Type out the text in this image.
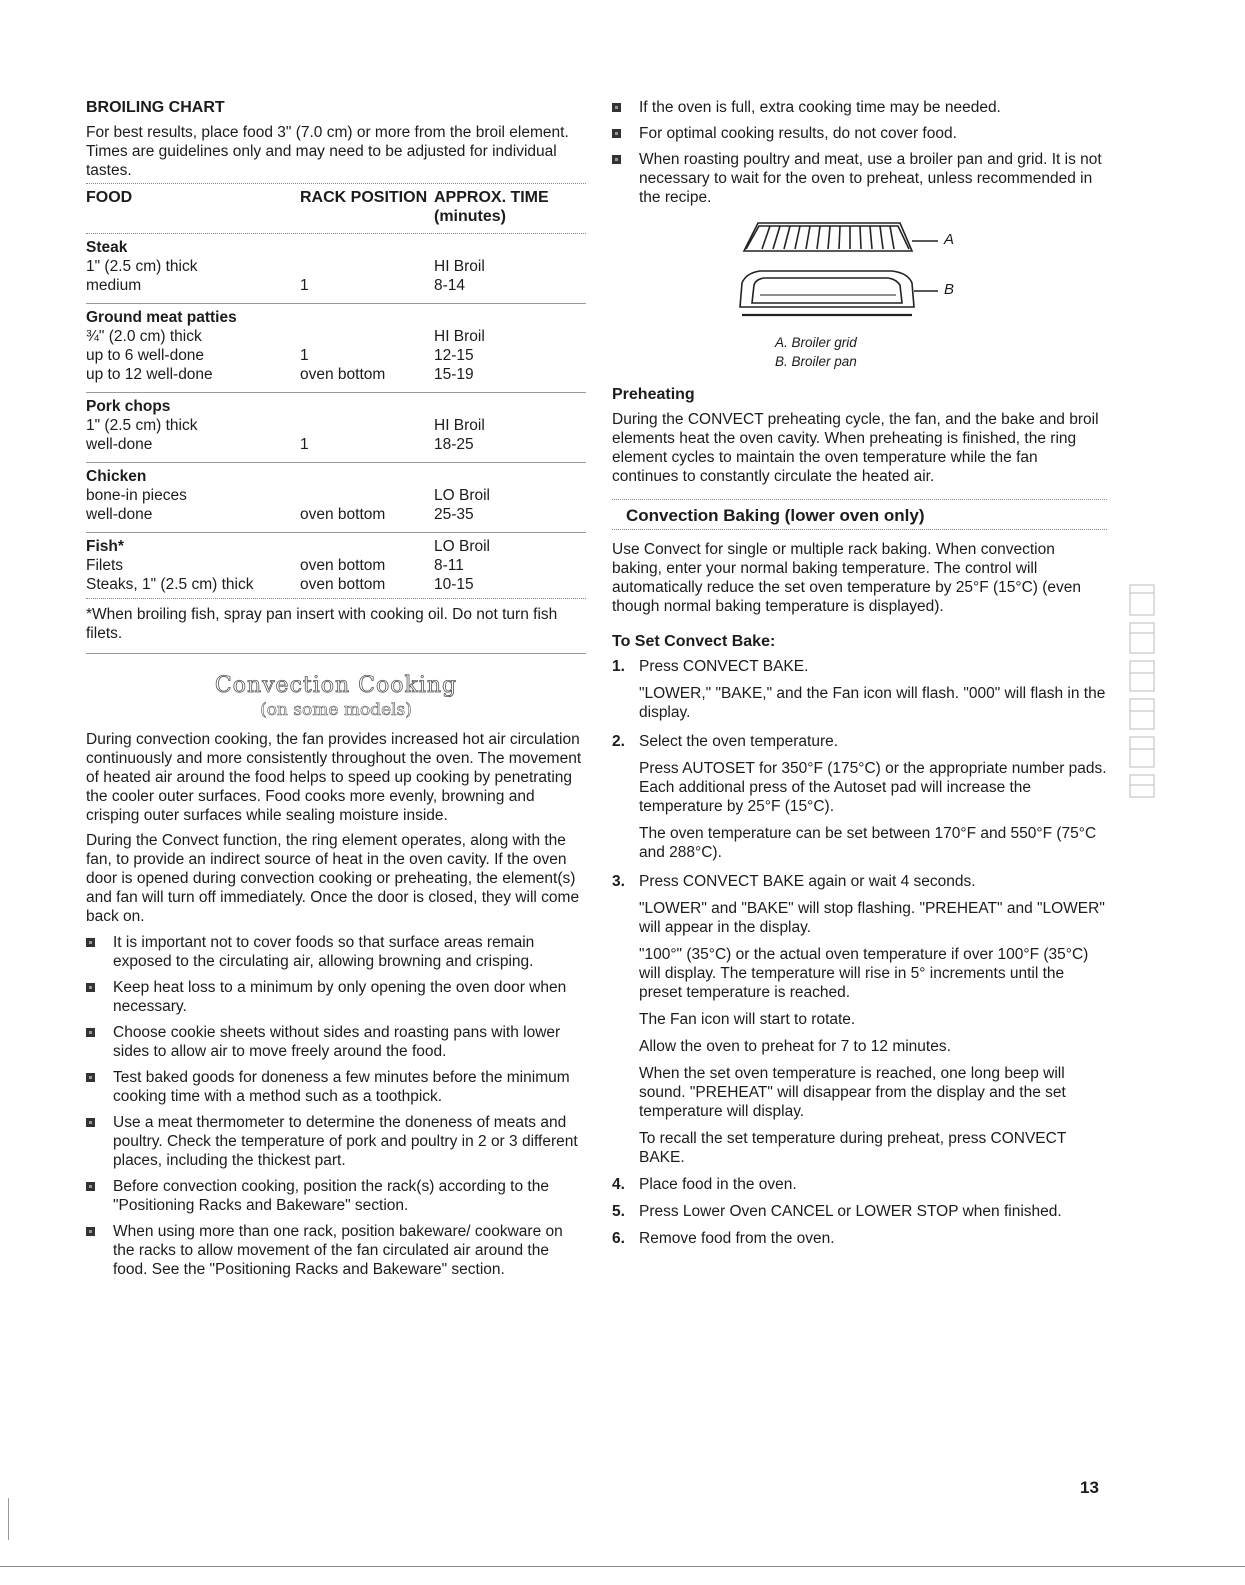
BROILING CHART
For best results, place food 3" (7.0 cm) or more from the broil element. Times are guidelines only and may need to be adjusted for individual tastes.
FOOD	RACK POSITION	APPROX. TIME (minutes)
Steak		
1" (2.5 cm) thick		HI Broil
medium	1	8-14
Ground meat patties		
¾" (2.0 cm) thick		HI Broil
up to 6 well-done	1	12-15
up to 12 well-done	oven bottom	15-19
Pork chops		
1" (2.5 cm) thick		HI Broil
well-done	1	18-25
Chicken		
bone-in pieces		LO Broil
well-done	oven bottom	25-35
Fish*		LO Broil
Filets	oven bottom	8-11
Steaks, 1" (2.5 cm) thick	oven bottom	10-15
*When broiling fish, spray pan insert with cooking oil. Do not turn fish filets.
Convection Cooking
(on some models)
During convection cooking, the fan provides increased hot air circulation continuously and more consistently throughout the oven. The movement of heated air around the food helps to speed up cooking by penetrating the cooler outer surfaces. Food cooks more evenly, browning and crisping outer surfaces while sealing moisture inside.
During the Convect function, the ring element operates, along with the fan, to provide an indirect source of heat in the oven cavity. If the oven door is opened during convection cooking or preheating, the element(s) and fan will turn off immediately. Once the door is closed, they will come back on.
It is important not to cover foods so that surface areas remain exposed to the circulating air, allowing browning and crisping.
Keep heat loss to a minimum by only opening the oven door when necessary.
Choose cookie sheets without sides and roasting pans with lower sides to allow air to move freely around the food.
Test baked goods for doneness a few minutes before the minimum cooking time with a method such as a toothpick.
Use a meat thermometer to determine the doneness of meats and poultry. Check the temperature of pork and poultry in 2 or 3 different places, including the thickest part.
Before convection cooking, position the rack(s) according to the "Positioning Racks and Bakeware" section.
When using more than one rack, position bakeware/ cookware on the racks to allow movement of the fan circulated air around the food. See the "Positioning Racks and Bakeware" section.
If the oven is full, extra cooking time may be needed.
For optimal cooking results, do not cover food.
When roasting poultry and meat, use a broiler pan and grid. It is not necessary to wait for the oven to preheat, unless recommended in the recipe.
A
B
A. Broiler grid
B. Broiler pan
Preheating
During the CONVECT preheating cycle, the fan, and the bake and broil elements heat the oven cavity. When preheating is finished, the ring element cycles to maintain the oven temperature while the fan continues to constantly circulate the heated air.
Convection Baking (lower oven only)
Use Convect for single or multiple rack baking. When convection baking, enter your normal baking temperature. The control will automatically reduce the set oven temperature by 25°F (15°C) (even though normal baking temperature is displayed).
To Set Convect Bake:
1. Press CONVECT BAKE.
"LOWER," "BAKE," and the Fan icon will flash. "000" will flash in the display.
2. Select the oven temperature.
Press AUTOSET for 350°F (175°C) or the appropriate number pads. Each additional press of the Autoset pad will increase the temperature by 25°F (15°C).
The oven temperature can be set between 170°F and 550°F (75°C and 288°C).
3. Press CONVECT BAKE again or wait 4 seconds.
"LOWER" and "BAKE" will stop flashing. "PREHEAT" and "LOWER" will appear in the display.
"100°" (35°C) or the actual oven temperature if over 100°F (35°C) will display. The temperature will rise in 5° increments until the preset temperature is reached.
The Fan icon will start to rotate.
Allow the oven to preheat for 7 to 12 minutes.
When the set oven temperature is reached, one long beep will sound. "PREHEAT" will disappear from the display and the set temperature will display.
To recall the set temperature during preheat, press CONVECT BAKE.
4. Place food in the oven.
5. Press Lower Oven CANCEL or LOWER STOP when finished.
6. Remove food from the oven.
13
